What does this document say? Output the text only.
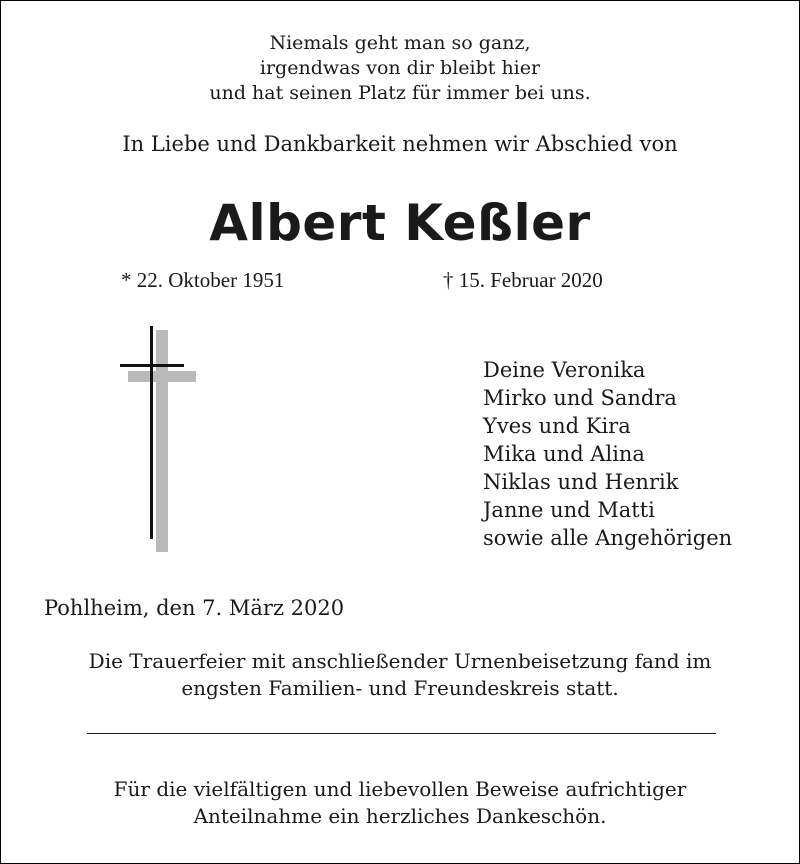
Niemals geht man so ganz,
irgendwas von dir bleibt hier
und hat seinen Platz für immer bei uns.
In Liebe und Dankbarkeit nehmen wir Abschied von
Albert Keßler
* 22. Oktober 1951	† 15. Februar 2020
Deine Veronika
Mirko und Sandra
Yves und Kira
Mika und Alina
Niklas und Henrik
Janne und Matti
sowie alle Angehörigen
Pohlheim, den 7. März 2020
Die Trauerfeier mit anschließender Urnenbeisetzung fand im
engsten Familien- und Freundeskreis statt.
Für die vielfältigen und liebevollen Beweise aufrichtiger
Anteilnahme ein herzliches Dankeschön.
